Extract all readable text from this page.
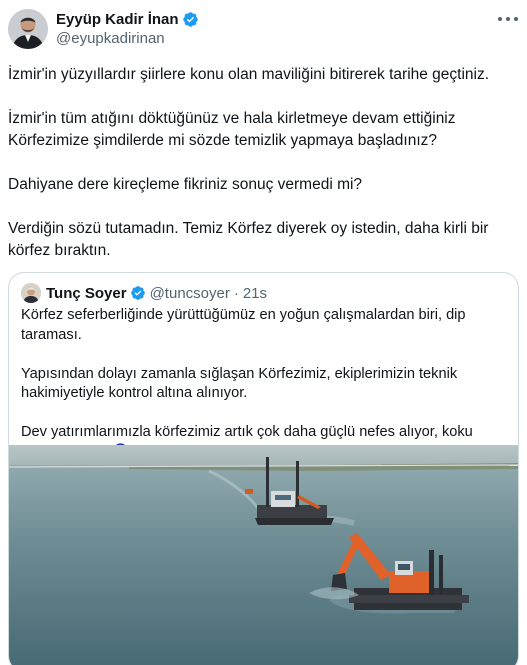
Eyyüp Kadir İnan
@eyupkadirinan

İzmir'in yüzyıllardır şiirlere konu olan maviliğini bitirerek tarihe geçtiniz.

İzmir'in tüm atığını döktüğünüz ve hala kirletmeye devam ettiğiniz Körfezimize şimdilerde mi sözde temizlik yapmaya başladınız?

Dahiyane dere kireçleme fikriniz sonuç vermedi mi?

Verdiğin sözü tutamadın. Temiz Körfez diyerek oy istedin, daha kirli bir körfez bıraktın.

Tunç Soyer @tuncsoyer · 21s

Körfez seferberliğinde yürüttüğümüz en yoğun çalışmalardan biri, dip taraması.

Yapısından dolayı zamanla sığlaşan Körfezimiz, ekiplerimizin teknik hakimiyetiyle kontrol altına alınıyor.

Dev yatırımlarımızla körfezimiz artık çok daha güçlü nefes alıyor, koku
